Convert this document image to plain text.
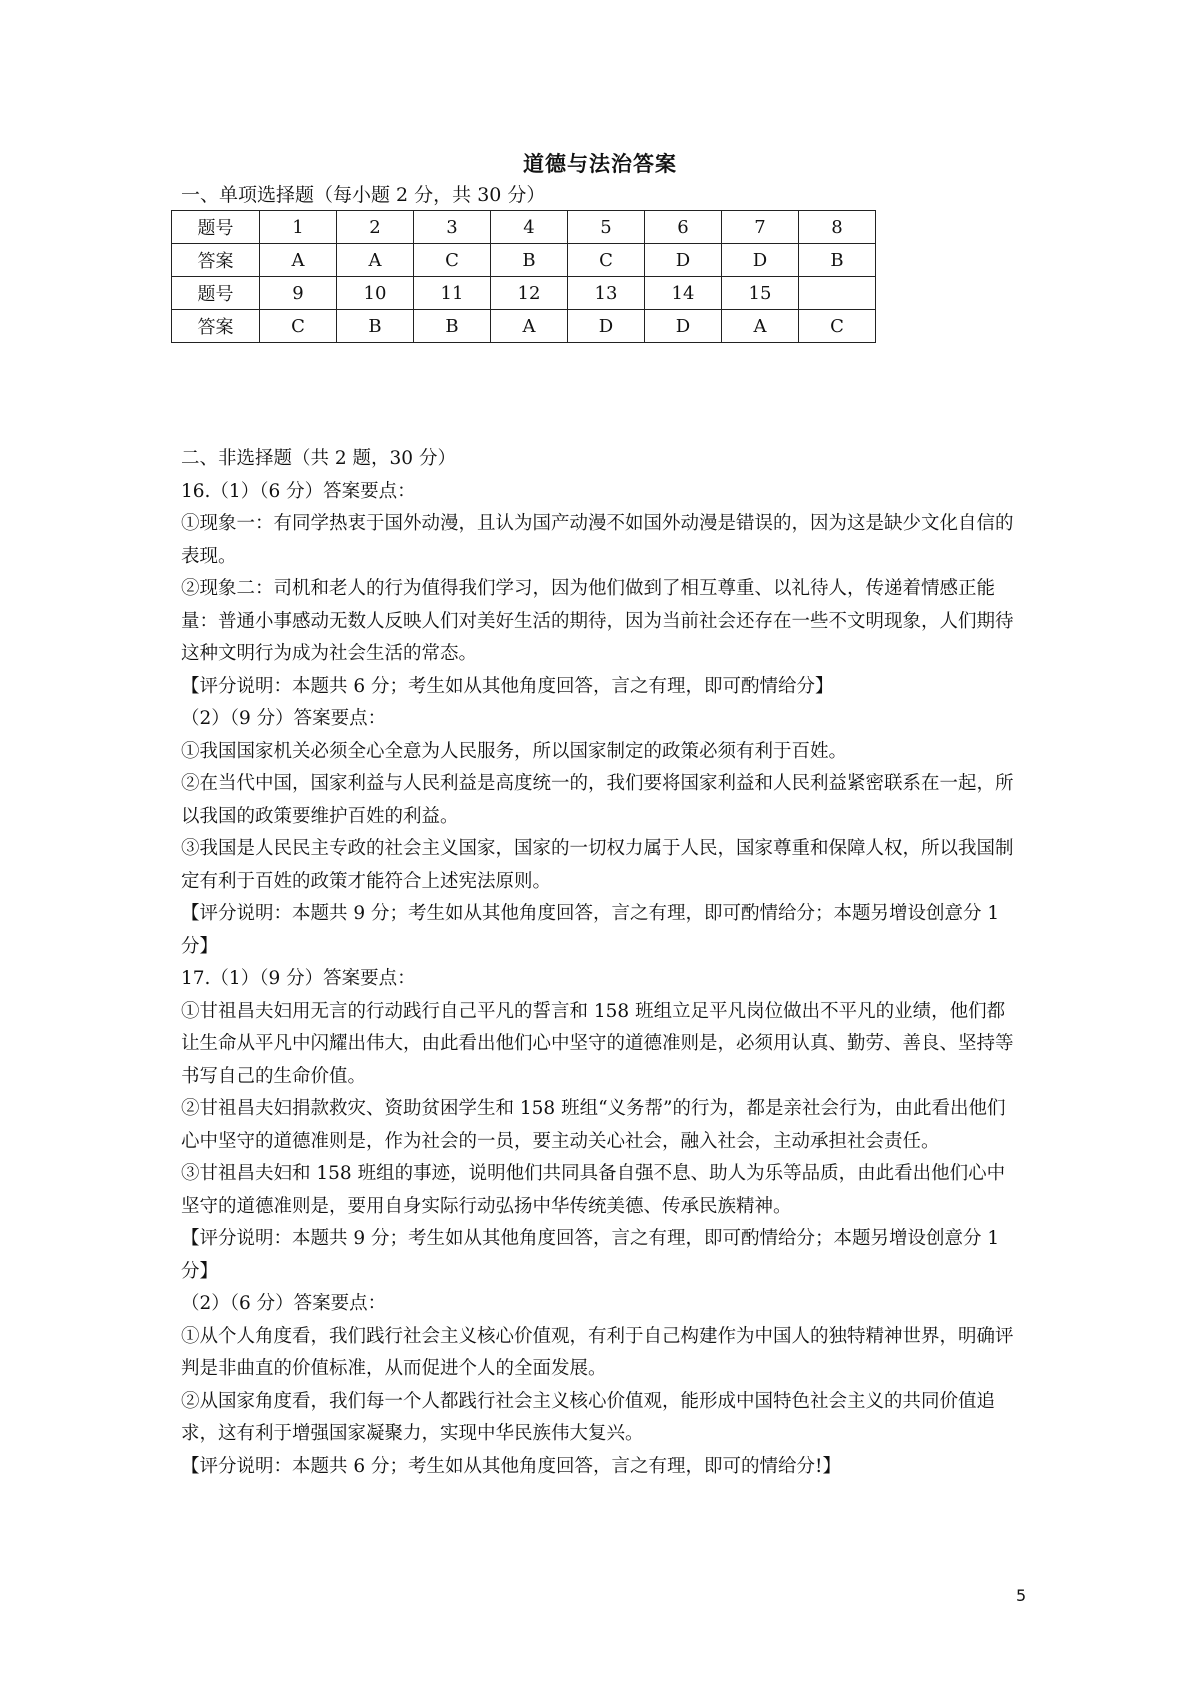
道德与法治答案
一、单项选择题（每小题 2 分，共 30 分）
题号	1	2	3	4	5	6	7	8
答案	A	A	C	B	C	D	D	B
题号	9	10	11	12	13	14	15	
答案	C	B	B	A	D	D	A	C

二、非选择题（共 2 题，30 分）

16.（1）（6 分）答案要点：

①现象一：有同学热衷于国外动漫，且认为国产动漫不如国外动漫是错误的，因为这是缺少文化自信的表现。

②现象二：司机和老人的行为值得我们学习，因为他们做到了相互尊重、以礼待人，传递着情感正能量：普通小事感动无数人反映人们对美好生活的期待，因为当前社会还存在一些不文明现象，人们期待这种文明行为成为社会生活的常态。

【评分说明：本题共 6 分；考生如从其他角度回答，言之有理，即可酌情给分】

（2）（9 分）答案要点：

①我国国家机关必须全心全意为人民服务，所以国家制定的政策必须有利于百姓。

②在当代中国，国家利益与人民利益是高度统一的，我们要将国家利益和人民利益紧密联系在一起，所以我国的政策要维护百姓的利益。

③我国是人民民主专政的社会主义国家，国家的一切权力属于人民，国家尊重和保障人权，所以我国制定有利于百姓的政策才能符合上述宪法原则。

【评分说明：本题共 9 分；考生如从其他角度回答，言之有理，即可酌情给分；本题另增设创意分 1 分】

17.（1）（9 分）答案要点：

①甘祖昌夫妇用无言的行动践行自己平凡的誓言和 158 班组立足平凡岗位做出不平凡的业绩，他们都让生命从平凡中闪耀出伟大，由此看出他们心中坚守的道德准则是，必须用认真、勤劳、善良、坚持等书写自己的生命价值。

②甘祖昌夫妇捐款救灾、资助贫困学生和 158 班组“义务帮”的行为，都是亲社会行为，由此看出他们心中坚守的道德准则是，作为社会的一员，要主动关心社会，融入社会，主动承担社会责任。

③甘祖昌夫妇和 158 班组的事迹，说明他们共同具备自强不息、助人为乐等品质，由此看出他们心中坚守的道德准则是，要用自身实际行动弘扬中华传统美德、传承民族精神。

【评分说明：本题共 9 分；考生如从其他角度回答，言之有理，即可酌情给分；本题另增设创意分 1 分】

（2）（6 分）答案要点：

①从个人角度看，我们践行社会主义核心价值观，有利于自己构建作为中国人的独特精神世界，明确评判是非曲直的价值标准，从而促进个人的全面发展。

②从国家角度看，我们每一个人都践行社会主义核心价值观，能形成中国特色社会主义的共同价值追求，这有利于增强国家凝聚力，实现中华民族伟大复兴。

【评分说明：本题共 6 分；考生如从其他角度回答，言之有理，即可的情给分!】

5
